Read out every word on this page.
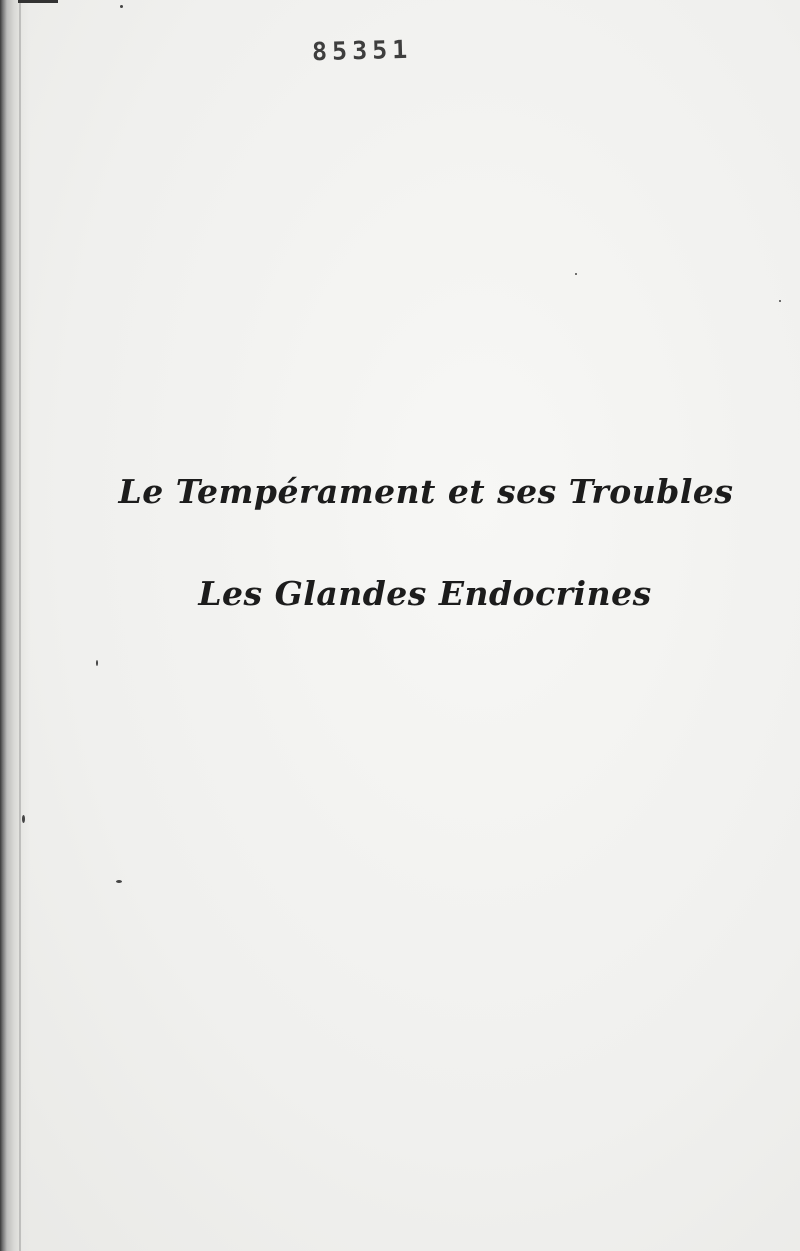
85351
Le Tempérament et ses Troubles
Les Glandes Endocrines
